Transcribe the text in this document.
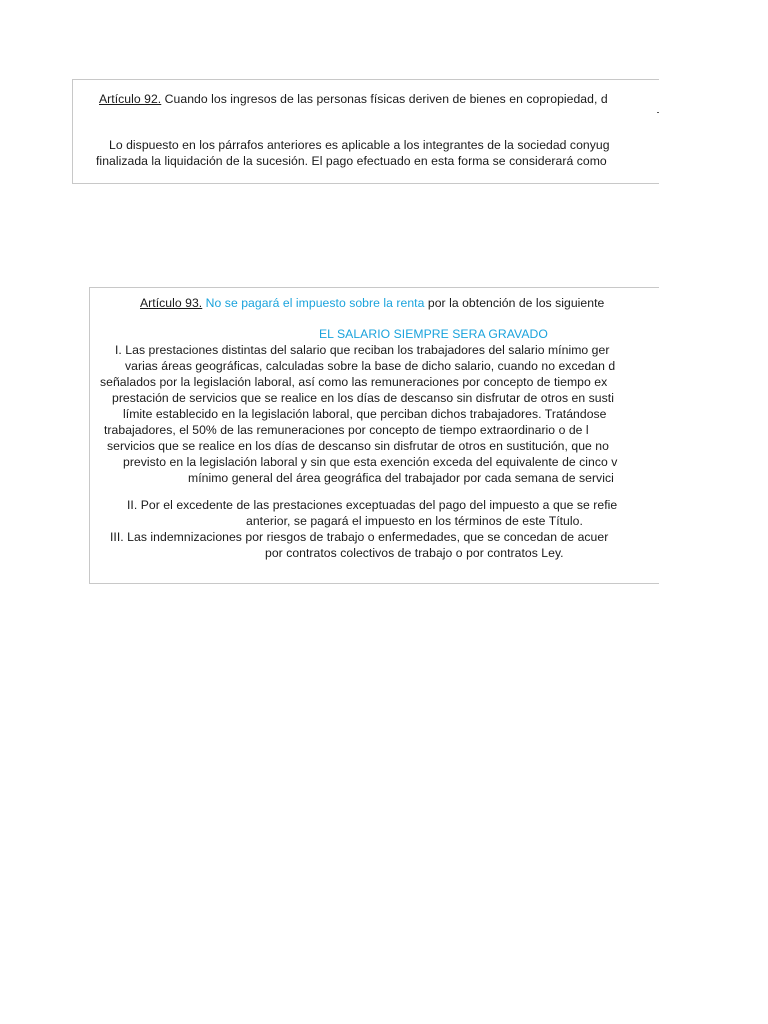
Artículo 92. Cuando los ingresos de las personas físicas deriven de bienes en copropiedad, d
Lo dispuesto en los párrafos anteriores es aplicable a los integrantes de la sociedad conyug
finalizada la liquidación de la sucesión. El pago efectuado en esta forma se considerará como
Artículo 93. No se pagará el impuesto sobre la renta por la obtención de los siguiente
EL SALARIO SIEMPRE SERA GRAVADO
I. Las prestaciones distintas del salario que reciban los trabajadores del salario mínimo ger
varias áreas geográficas, calculadas sobre la base de dicho salario, cuando no excedan d
señalados por la legislación laboral, así como las remuneraciones por concepto de tiempo ex
prestación de servicios que se realice en los días de descanso sin disfrutar de otros en susti
límite establecido en la legislación laboral, que perciban dichos trabajadores. Tratándose
trabajadores, el 50% de las remuneraciones por concepto de tiempo extraordinario o de l
servicios que se realice en los días de descanso sin disfrutar de otros en sustitución, que no
previsto en la legislación laboral y sin que esta exención exceda del equivalente de cinco v
mínimo general del área geográfica del trabajador por cada semana de servici
II. Por el excedente de las prestaciones exceptuadas del pago del impuesto a que se refie
anterior, se pagará el impuesto en los términos de este Título.
III. Las indemnizaciones por riesgos de trabajo o enfermedades, que se concedan de acuer
por contratos colectivos de trabajo o por contratos Ley.
